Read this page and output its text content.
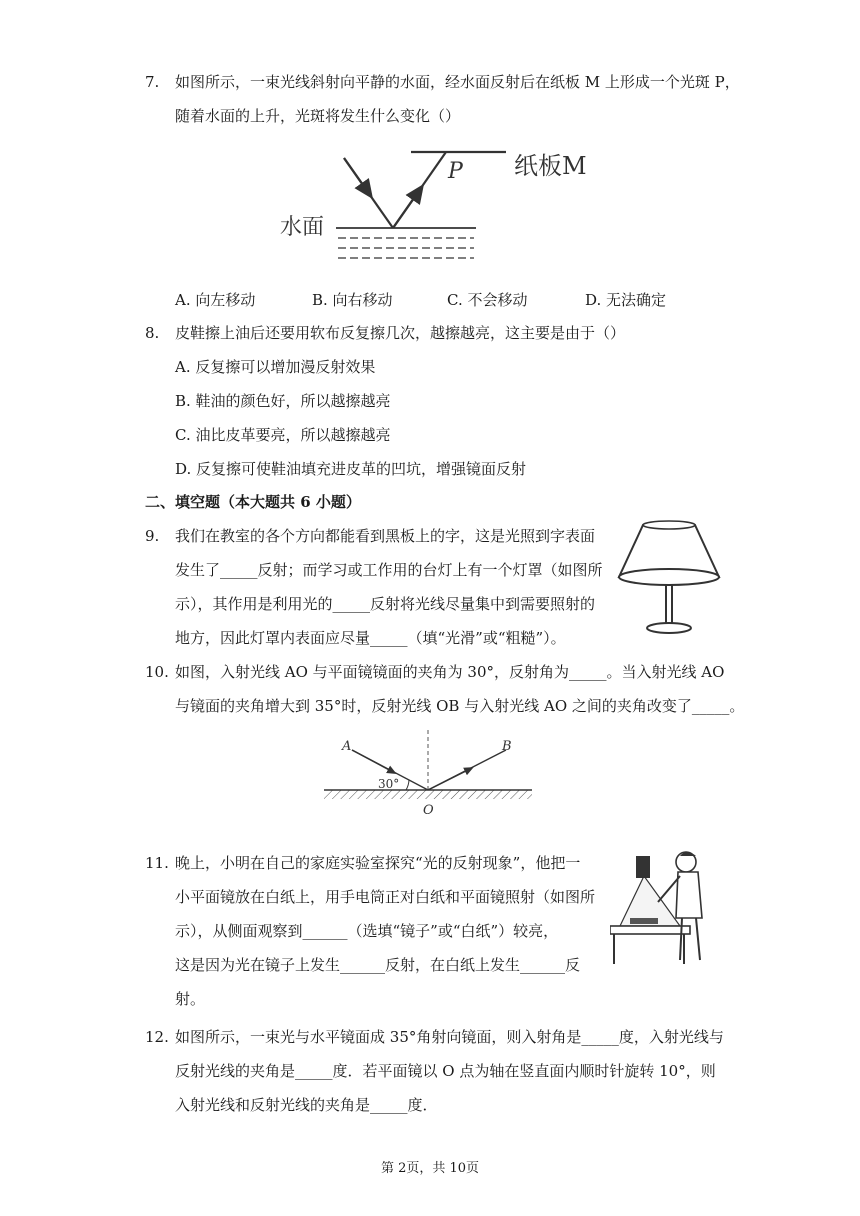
7. 如图所示，一束光线斜射向平静的水面，经水面反射后在纸板 M 上形成一个光斑 P，
随着水面的上升，光斑将发生什么变化（）
水面
P 纸板M
A. 向左移动	B. 向右移动	C. 不会移动	D. 无法确定
8. 皮鞋擦上油后还要用软布反复擦几次，越擦越亮，这主要是由于（）
A. 反复擦可以增加漫反射效果
B. 鞋油的颜色好，所以越擦越亮
C. 油比皮革要亮，所以越擦越亮
D. 反复擦可使鞋油填充进皮革的凹坑，增强镜面反射
二、填空题（本大题共 6 小题）
9. 我们在教室的各个方向都能看到黑板上的字，这是光照到字表面
发生了_____反射；而学习或工作用的台灯上有一个灯罩（如图所
示），其作用是利用光的_____反射将光线尽量集中到需要照射的
地方，因此灯罩内表面应尽量_____（填“光滑”或“粗糙”）。
10. 如图，入射光线 AO 与平面镜镜面的夹角为 30°，反射角为_____。当入射光线 AO
与镜面的夹角增大到 35°时，反射光线 OB 与入射光线 AO 之间的夹角改变了_____。
A	B
O
30°
11. 晚上，小明在自己的家庭实验室探究“光的反射现象”，他把一
小平面镜放在白纸上，用手电筒正对白纸和平面镜照射（如图所
示），从侧面观察到______（选填“镜子”或“白纸”）较亮，
这是因为光在镜子上发生______反射，在白纸上发生______反
射。
12. 如图所示，一束光与水平镜面成 35°角射向镜面，则入射角是_____度，入射光线与
反射光线的夹角是_____度．若平面镜以 O 点为轴在竖直面内顺时针旋转 10°，则
入射光线和反射光线的夹角是_____度．
第 2页，共 10页
